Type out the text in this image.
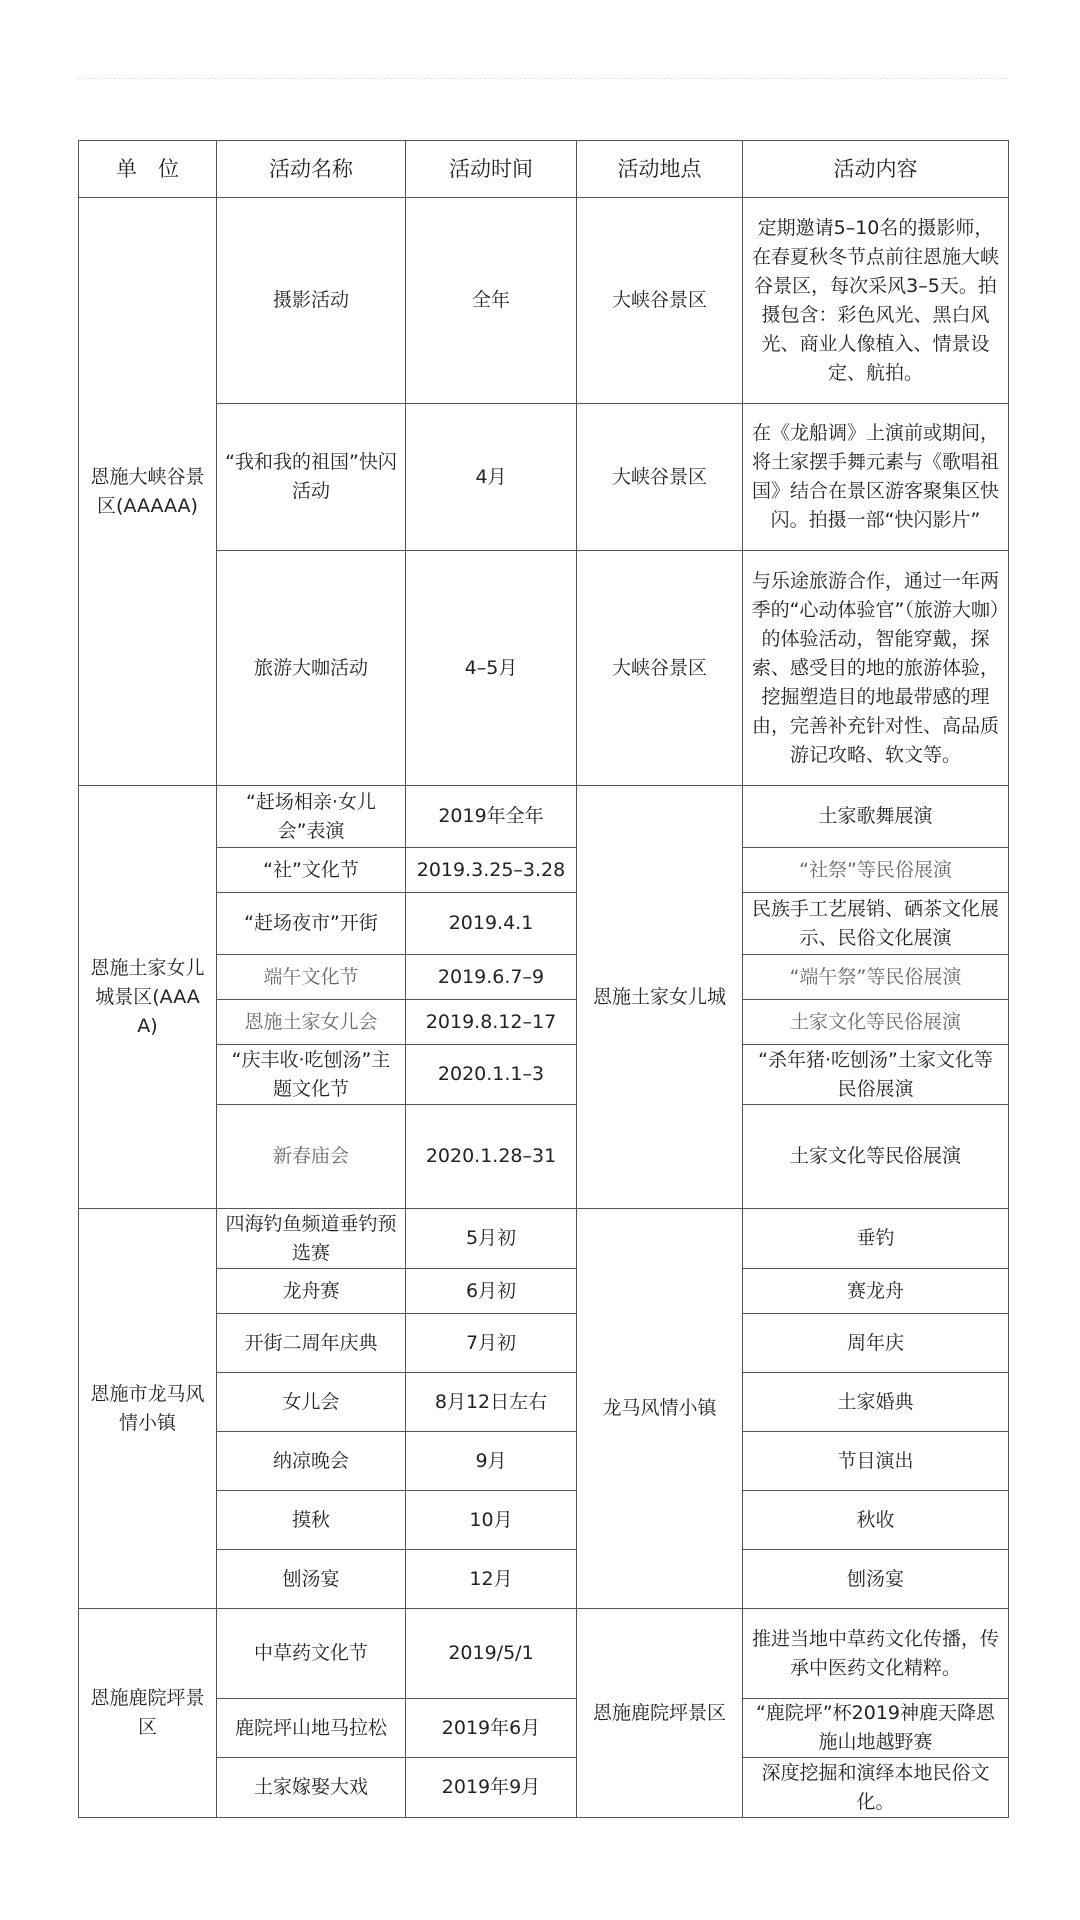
单　位	活动名称	活动时间	活动地点	活动内容
恩施大峡谷景区(AAAAA)	摄影活动	全年	大峡谷景区	定期邀请5–10名的摄影师，在春夏秋冬节点前往恩施大峡谷景区，每次采风3–5天。拍摄包含：彩色风光、黑白风光、商业人像植入、情景设定、航拍。
	“我和我的祖国”快闪活动	4月	大峡谷景区	在《龙船调》上演前或期间，将土家摆手舞元素与《歌唱祖国》结合在景区游客聚集区快闪。拍摄一部“快闪影片”
	旅游大咖活动	4–5月	大峡谷景区	与乐途旅游合作，通过一年两季的“心动体验官”（旅游大咖）的体验活动，智能穿戴，探索、感受目的地的旅游体验，挖掘塑造目的地最带感的理由，完善补充针对性、高品质游记攻略、软文等。
恩施土家女儿城景区(AAAA)	“赶场相亲·女儿会”表演	2019年全年	恩施土家女儿城	土家歌舞展演
	“社”文化节	2019.3.25–3.28		“社祭”等民俗展演
	“赶场夜市”开街	2019.4.1		民族手工艺展销、硒茶文化展示、民俗文化展演
	端午文化节	2019.6.7–9		“端午祭”等民俗展演
	恩施土家女儿会	2019.8.12–17		土家文化等民俗展演
	“庆丰收·吃刨汤”主题文化节	2020.1.1–3		“杀年猪·吃刨汤”土家文化等民俗展演
	新春庙会	2020.1.28–31		土家文化等民俗展演
恩施市龙马风情小镇	四海钓鱼频道垂钓预选赛	5月初	龙马风情小镇	垂钓
	龙舟赛	6月初		赛龙舟
	开街二周年庆典	7月初		周年庆
	女儿会	8月12日左右		土家婚典
	纳凉晚会	9月		节目演出
	摸秋	10月		秋收
	刨汤宴	12月		刨汤宴
恩施鹿院坪景区	中草药文化节	2019/5/1	恩施鹿院坪景区	推进当地中草药文化传播，传承中医药文化精粹。
	鹿院坪山地马拉松	2019年6月		“鹿院坪”杯2019神鹿天降恩施山地越野赛
	土家嫁娶大戏	2019年9月		深度挖掘和演绎本地民俗文化。
